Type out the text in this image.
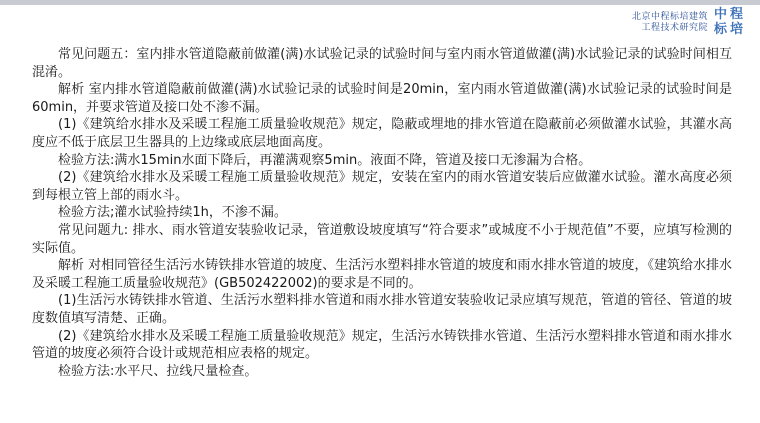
北京中程标培建筑
工程技术研究院
中 程
标 培

常见问题五：室内排水管道隐蔽前做灌(满)水试验记录的试验时间与室内雨水管道做灌(满)水试验记录的试验时间相互混淆。

解析 室内排水管道隐蔽前做灌(满)水试验记录的试验时间是20min，室内雨水管道做灌(满)水试验记录的试验时间是60min，并要求管道及接口处不渗不漏。

(1)《建筑给水排水及采暖工程施工质量验收规范》规定，隐蔽或埋地的排水管道在隐蔽前必须做灌水试验，其灌水高度应不低于底层卫生器具的上边缘或底层地面高度。

检验方法:满水15min水面下降后，再灌满观察5min。液面不降，管道及接口无渗漏为合格。

(2)《建筑给水排水及采暖工程施工质量验收规范》规定，安装在室内的雨水管道安装后应做灌水试验。灌水高度必须到每根立管上部的雨水斗。

检验方法;灌水试验持续1h，不渗不漏。

常见问题九: 排水、雨水管道安装验收记录，管道敷设坡度填写“符合要求”或城度不小于规范值”不要，应填写检测的实际值。

解析 对相同管径生活污水铸铁排水管道的坡度、生活污水塑料排水管道的坡度和雨水排水管道的坡度，《建筑给水排水及采暖工程施工质量验收规范》(GB502422002)的要求是不同的。

(1)生活污水铸铁排水管道、生活污水塑料排水管道和雨水排水管道安装验收记录应填写规范，管道的管径、管道的坡度数值填写清楚、正确。

(2)《建筑给水排水及采暖工程施工质量验收规范》规定，生活污水铸铁排水管道、生活污水塑料排水管道和雨水排水管道的坡度必须符合设计或规范相应表格的规定。

检验方法:水平尺、拉线尺量检查。
